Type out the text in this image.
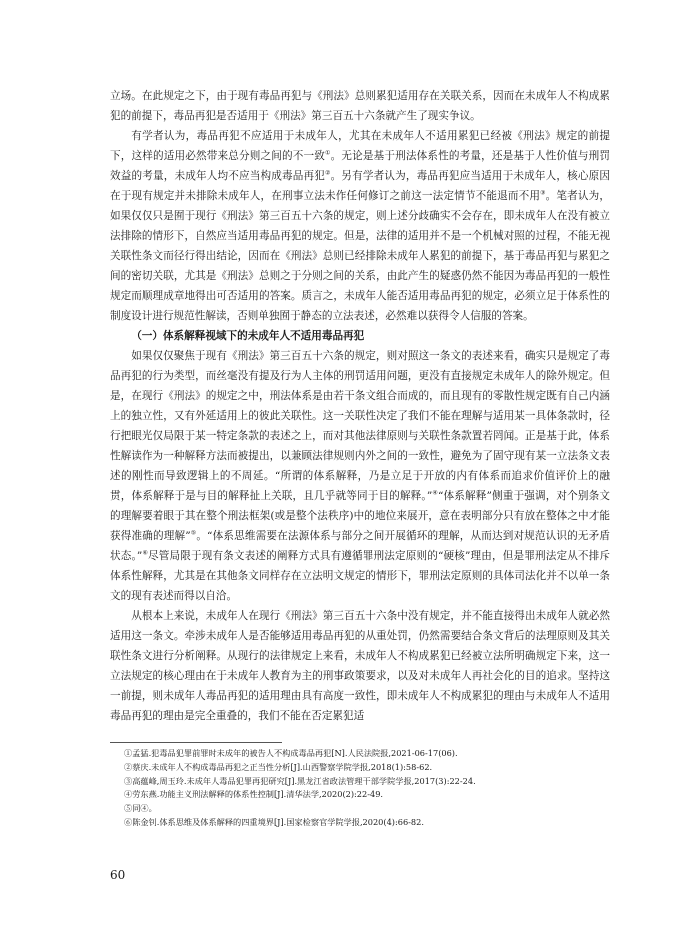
立场。在此规定之下，由于现有毒品再犯与《刑法》总则累犯适用存在关联关系，因而在未成年人不构成累犯的前提下，毒品再犯是否适用于《刑法》第三百五十六条就产生了现实争议。

有学者认为，毒品再犯不应适用于未成年人，尤其在未成年人不适用累犯已经被《刑法》规定的前提下，这样的适用必然带来总分则之间的不一致①。无论是基于刑法体系性的考量，还是基于人性价值与刑罚效益的考量，未成年人均不应当构成毒品再犯②。另有学者认为，毒品再犯应当适用于未成年人，核心原因在于现有规定并未排除未成年人，在刑事立法未作任何修订之前这一法定情节不能退而不用③。笔者认为，如果仅仅只是囿于现行《刑法》第三百五十六条的规定，则上述分歧确实不会存在，即未成年人在没有被立法排除的情形下，自然应当适用毒品再犯的规定。但是，法律的适用并不是一个机械对照的过程，不能无视关联性条文而径行得出结论，因而在《刑法》总则已经排除未成年人累犯的前提下，基于毒品再犯与累犯之间的密切关联，尤其是《刑法》总则之于分则之间的关系，由此产生的疑惑仍然不能因为毒品再犯的一般性规定而顺理成章地得出可否适用的答案。质言之，未成年人能否适用毒品再犯的规定，必须立足于体系性的制度设计进行规范性解读，否则单独囿于静态的立法表述，必然难以获得令人信服的答案。

（一）体系解释视域下的未成年人不适用毒品再犯

如果仅仅聚焦于现有《刑法》第三百五十六条的规定，则对照这一条文的表述来看，确实只是规定了毒品再犯的行为类型，而丝毫没有提及行为人主体的刑罚适用问题，更没有直接规定未成年人的除外规定。但是，在现行《刑法》的规定之中，刑法体系是由若干条文组合而成的，而且现有的零散性规定既有自己内涵上的独立性，又有外延适用上的彼此关联性。这一关联性决定了我们不能在理解与适用某一具体条款时，径行把眼光仅局限于某一特定条款的表述之上，而对其他法律原则与关联性条款置若罔闻。正是基于此，体系性解读作为一种解释方法而被提出，以兼顾法律规则内外之间的一致性，避免为了固守现有某一立法条文表述的刚性而导致逻辑上的不周延。“所谓的体系解释，乃是立足于开放的内有体系而追求价值评价上的融贯，体系解释于是与目的解释扯上关联，且几乎就等同于目的解释。”④“体系解释”侧重于强调，对个别条文的理解要着眼于其在整个刑法框架(或是整个法秩序)中的地位来展开，意在表明部分只有放在整体之中才能获得准确的理解”⑤。“体系思维需要在法源体系与部分之间开展循环的理解，从而达到对规范认识的无矛盾状态。”⑥尽管局限于现有条文表述的阐释方式具有遵循罪刑法定原则的“硬核”理由，但是罪刑法定从不排斥体系性解释，尤其是在其他条文同样存在立法明文规定的情形下，罪刑法定原则的具体司法化并不以单一条文的现有表述而得以自洽。

从根本上来说，未成年人在现行《刑法》第三百五十六条中没有规定，并不能直接得出未成年人就必然适用这一条文。牵涉未成年人是否能够适用毒品再犯的从重处罚，仍然需要结合条文背后的法理原则及其关联性条文进行分析阐释。从现行的法律规定上来看，未成年人不构成累犯已经被立法所明确规定下来，这一立法规定的核心理由在于未成年人教育为主的刑事政策要求，以及对未成年人再社会化的目的追求。坚持这一前提，则未成年人毒品再犯的适用理由具有高度一致性，即未成年人不构成累犯的理由与未成年人不适用毒品再犯的理由是完全重叠的，我们不能在否定累犯适

①孟猛.犯毒品犯罪前罪时未成年的被告人不构成毒品再犯[N].人民法院报,2021-06-17(06).

②蔡庆.未成年人不构成毒品再犯之正当性分析[J].山西警察学院学报,2018(1):58-62.

③高蕴峰,周玉玲.未成年人毒品犯罪再犯研究[J].黑龙江省政法管理干部学院学报,2017(3):22-24.

④劳东燕.功能主义刑法解释的体系性控制[J].清华法学,2020(2):22-49.

⑤同④。

⑥陈金钊.体系思维及体系解释的四重境界[J].国家检察官学院学报,2020(4):66-82.

60
